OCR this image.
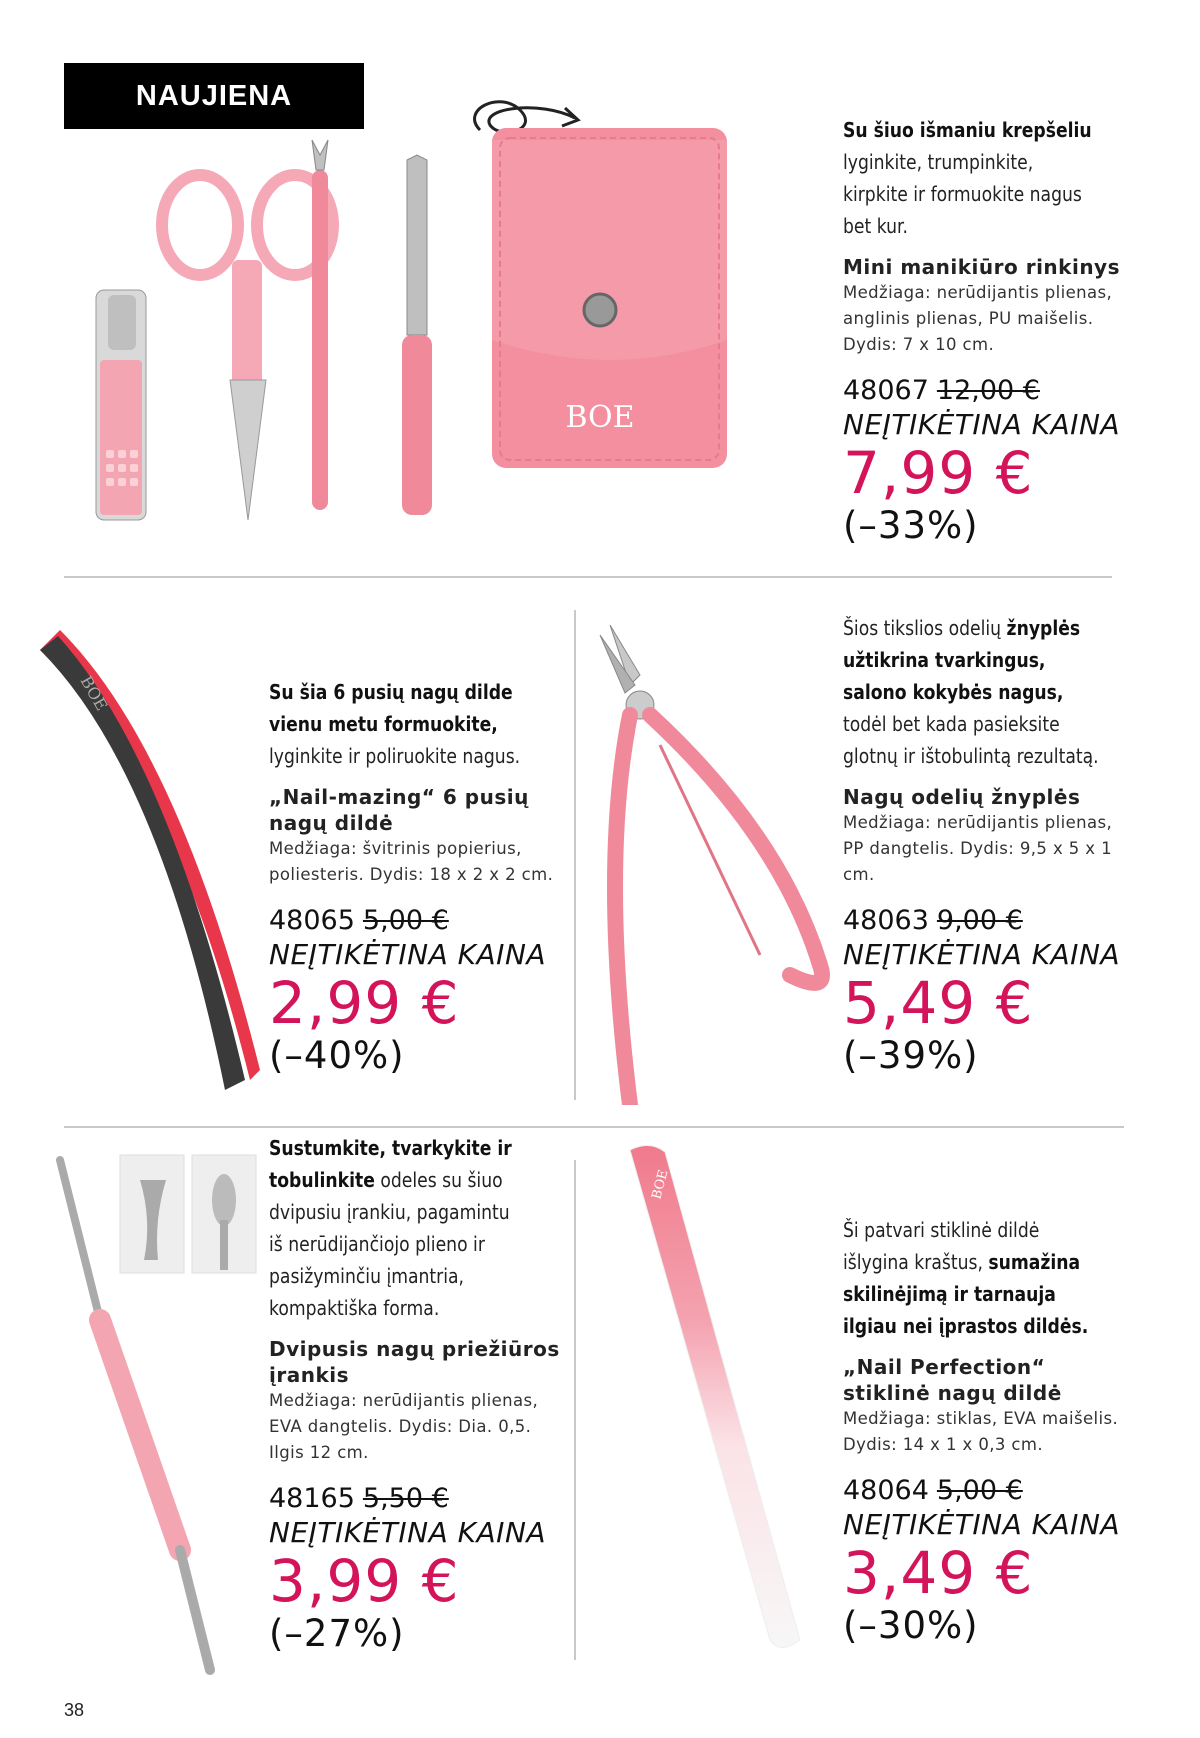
NAUJIENA
BOE
Su šiuo išmaniu krepšeliu lyginkite, trumpinkite, kirpkite ir formuokite nagus bet kur.
Mini manikiūro rinkinys
Medžiaga: nerūdijantis plienas, anglinis plienas, PU maišelis. Dydis: 7 x 10 cm.
48067 12,00 €
NEĮTIKĖTINA KAINA
7,99 €
(–33%)
BOE	Su šia 6 pusių nagų dilde vienu metu formuokite, lyginkite ir poliruokite nagus.
„Nail-mazing“ 6 pusių nagų dildė
Medžiaga: švitrinis popierius, poliesteris. Dydis: 18 x 2 x 2 cm.
48065 5,00 €
NEĮTIKĖTINA KAINA
2,99 €
(–40%)
Šios tikslios odelių žnyplės užtikrina tvarkingus, salono kokybės nagus, todėl bet kada pasieksite glotnų ir ištobulintą rezultatą.
Nagų odelių žnyplės
Medžiaga: nerūdijantis plienas, PP dangtelis. Dydis: 9,5 x 5 x 1 cm.
48063 9,00 €
NEĮTIKĖTINA KAINA
5,49 €
(–39%)
Sustumkite, tvarkykite ir tobulinkite odeles su šiuo dvipusiu įrankiu, pagamintu iš nerūdijančiojo plieno ir pasižyminčiu įmantria, kompaktiška forma.
Dvipusis nagų priežiūros įrankis
Medžiaga: nerūdijantis plienas, EVA dangtelis. Dydis: Dia. 0,5. Ilgis 12 cm.
48165 5,50 €
NEĮTIKĖTINA KAINA
3,99 €
(–27%)
BOE
Ši patvari stiklinė dildė išlygina kraštus, sumažina skilinėjimą ir tarnauja ilgiau nei įprastos dildės.
„Nail Perfection“ stiklinė nagų dildė
Medžiaga: stiklas, EVA maišelis. Dydis: 14 x 1 x 0,3 cm.
48064 5,00 €
NEĮTIKĖTINA KAINA
3,49 €
(–30%)
38
